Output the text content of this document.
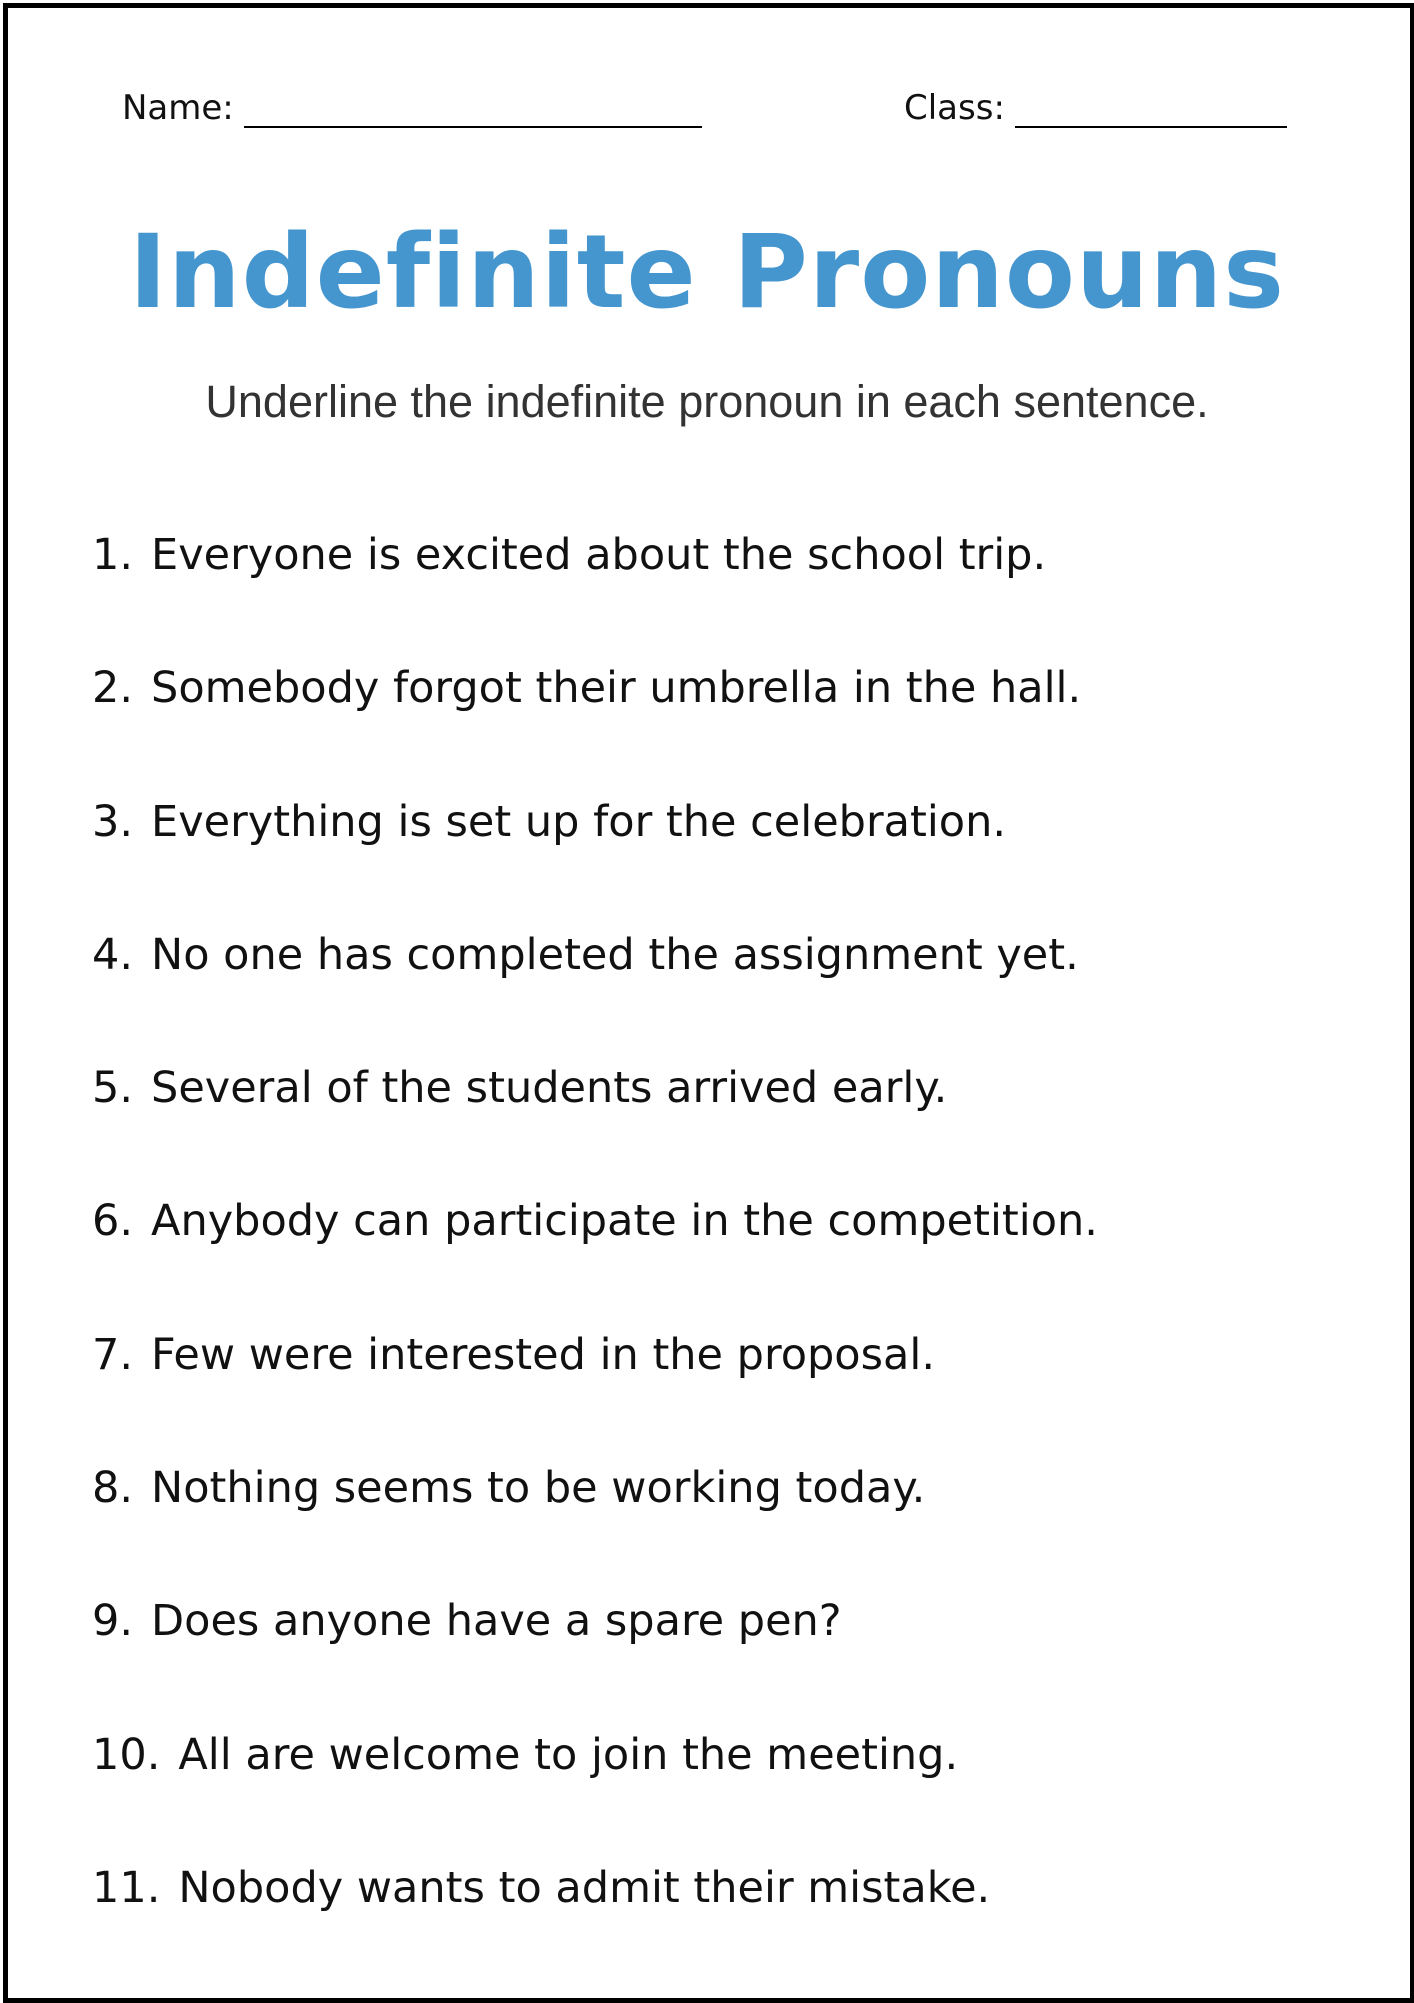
Name:	Class:
Indefinite Pronouns
Underline the indefinite pronoun in each sentence.
1. Everyone is excited about the school trip.
2. Somebody forgot their umbrella in the hall.
3. Everything is set up for the celebration.
4. No one has completed the assignment yet.
5. Several of the students arrived early.
6. Anybody can participate in the competition.
7. Few were interested in the proposal.
8. Nothing seems to be working today.
9. Does anyone have a spare pen?
10. All are welcome to join the meeting.
11. Nobody wants to admit their mistake.
